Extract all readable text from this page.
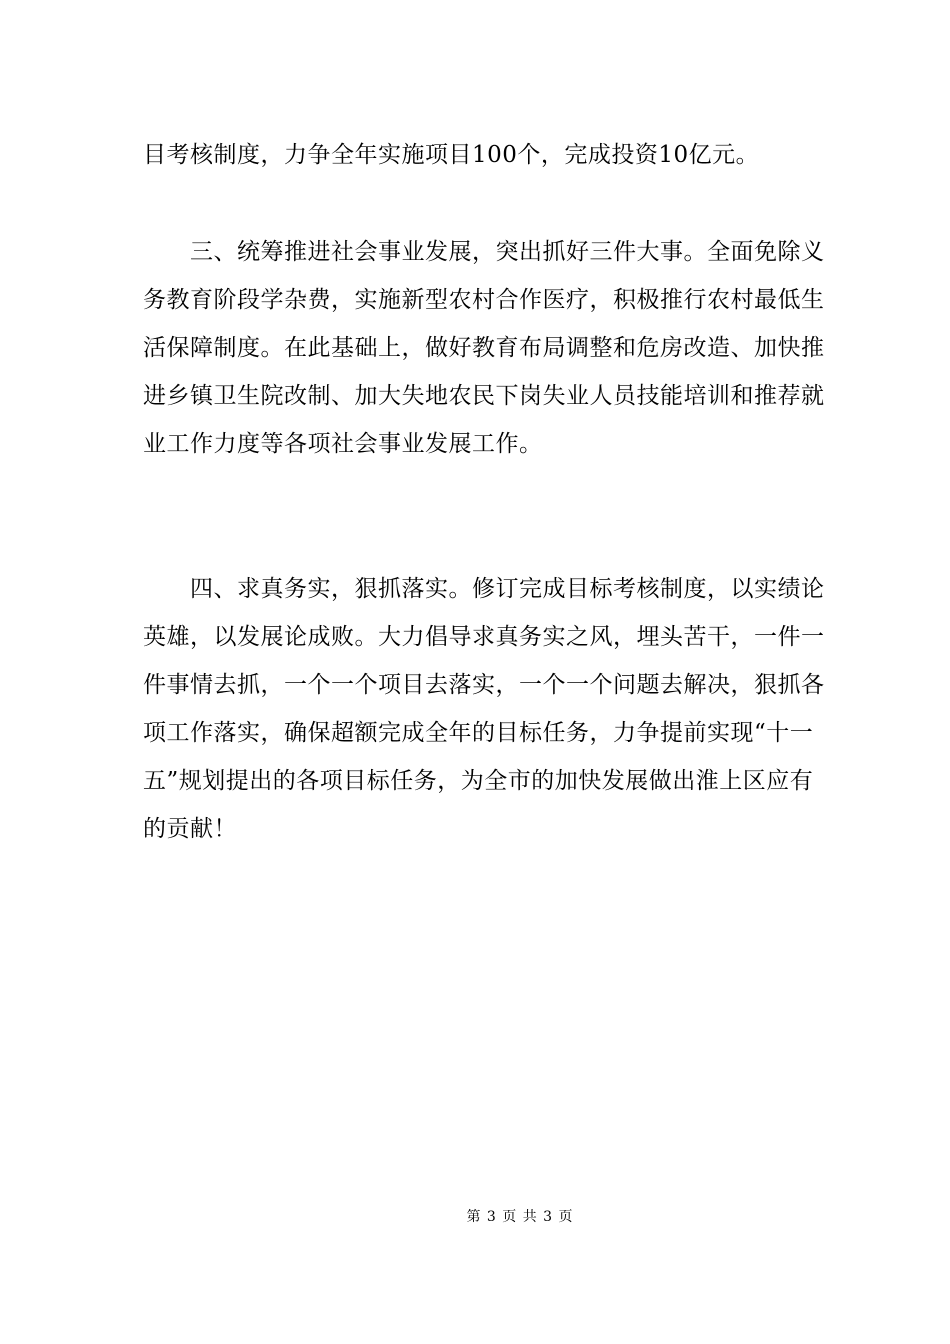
目考核制度，力争全年实施项目100个，完成投资10亿元。
三、统筹推进社会事业发展，突出抓好三件大事。全面免除义
务教育阶段学杂费，实施新型农村合作医疗，积极推行农村最低生
活保障制度。在此基础上，做好教育布局调整和危房改造、加快推
进乡镇卫生院改制、加大失地农民下岗失业人员技能培训和推荐就
业工作力度等各项社会事业发展工作。
四、求真务实，狠抓落实。修订完成目标考核制度，以实绩论
英雄，以发展论成败。大力倡导求真务实之风，埋头苦干，一件一
件事情去抓，一个一个项目去落实，一个一个问题去解决，狠抓各
项工作落实，确保超额完成全年的目标任务，力争提前实现“十一
五”规划提出的各项目标任务，为全市的加快发展做出淮上区应有
的贡献！
第 3 页 共 3 页
